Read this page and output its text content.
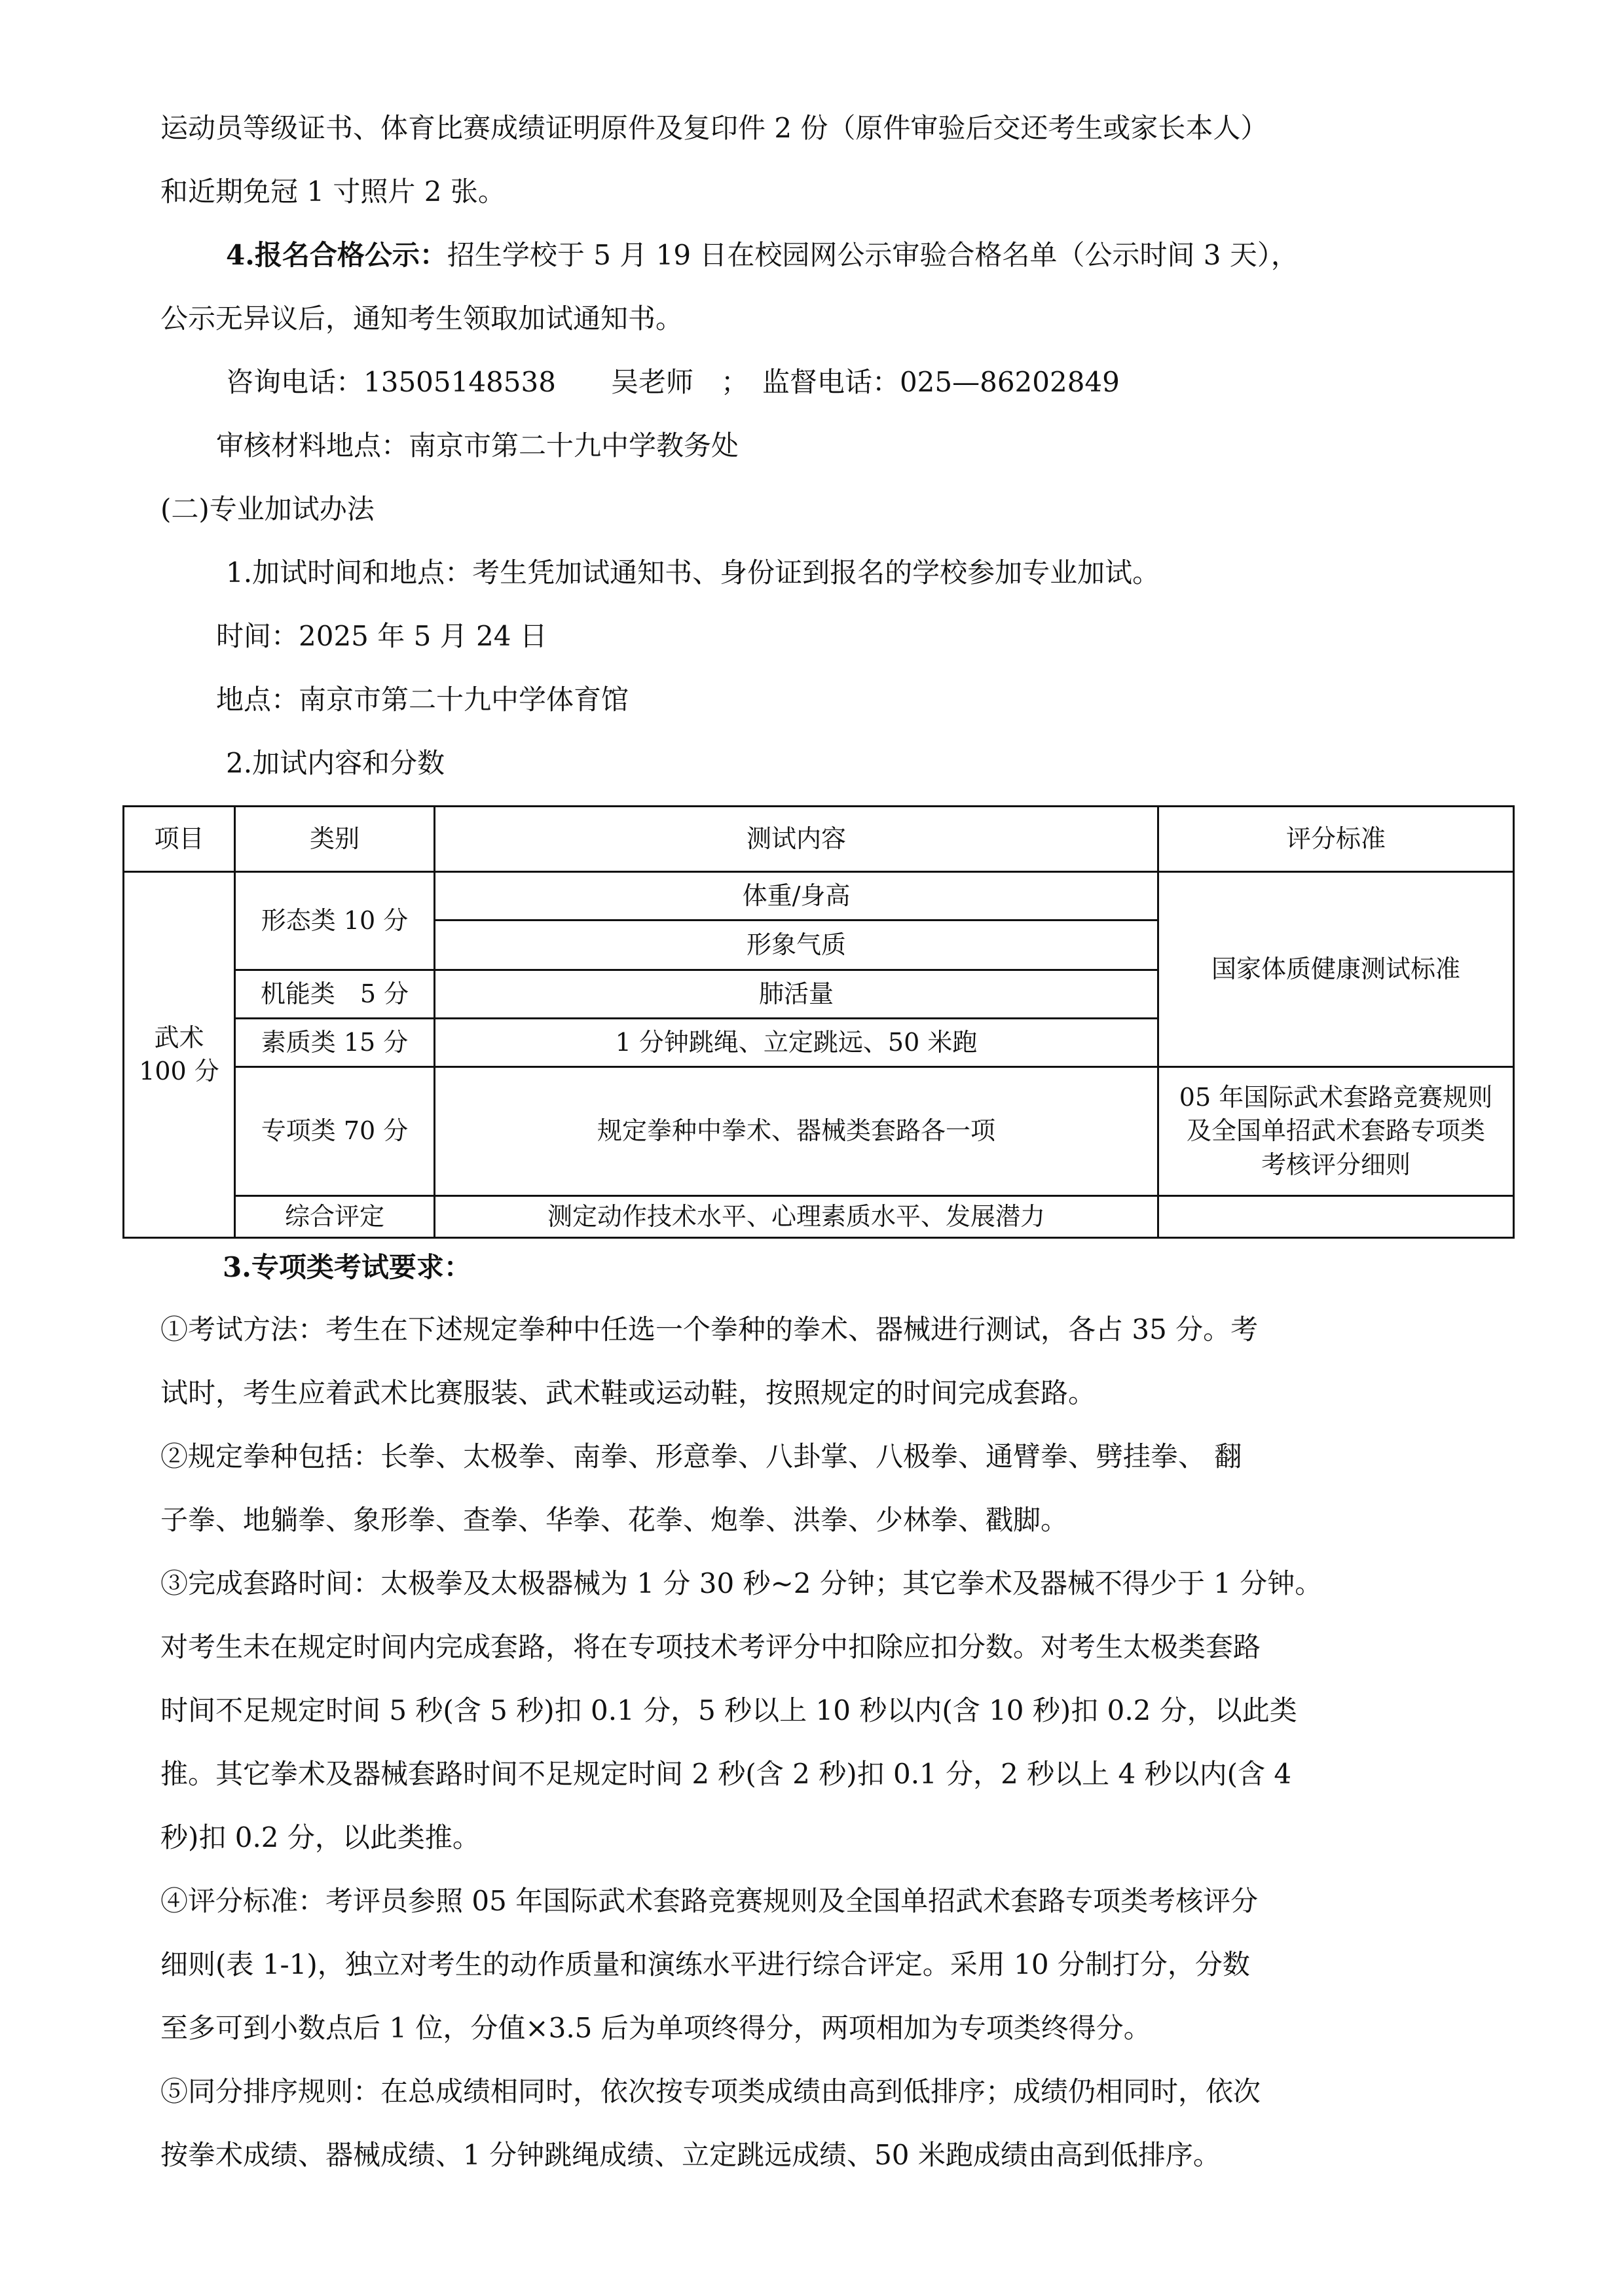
运动员等级证书、体育比赛成绩证明原件及复印件 2 份（原件审验后交还考生或家长本人）
和近期免冠 1 寸照片 2 张。
4.报名合格公示：招生学校于 5 月 19 日在校园网公示审验合格名单（公示时间 3 天），
公示无异议后，通知考生领取加试通知书。
咨询电话：13505148538　　吴老师　；　监督电话：025—86202849
审核材料地点：南京市第二十九中学教务处
(二)专业加试办法
1.加试时间和地点：考生凭加试通知书、身份证到报名的学校参加专业加试。
时间：2025 年 5 月 24 日
地点：南京市第二十九中学体育馆
2.加试内容和分数
项目	类别	测试内容	评分标准

武术
100 分	形态类 10 分	体重/身高	国家体质健康测试标准
		形象气质	
	机能类　5 分	肺活量	
	素质类 15 分	1 分钟跳绳、立定跳远、50 米跑	
	专项类 70 分	规定拳种中拳术、器械类套路各一项	05 年国际武术套路竞赛规则
及全国单招武术套路专项类
考核评分细则

	综合评定	测定动作技术水平、心理素质水平、发展潜力	
3.专项类考试要求：
①考试方法：考生在下述规定拳种中任选一个拳种的拳术、器械进行测试，各占 35 分。考
试时，考生应着武术比赛服装、武术鞋或运动鞋，按照规定的时间完成套路。
②规定拳种包括：长拳、太极拳、南拳、形意拳、八卦掌、八极拳、通臂拳、劈挂拳、 翻
子拳、地躺拳、象形拳、查拳、华拳、花拳、炮拳、洪拳、少林拳、戳脚。
③完成套路时间：太极拳及太极器械为 1 分 30 秒~2 分钟；其它拳术及器械不得少于 1 分钟。
对考生未在规定时间内完成套路，将在专项技术考评分中扣除应扣分数。对考生太极类套路
时间不足规定时间 5 秒(含 5 秒)扣 0.1 分，5 秒以上 10 秒以内(含 10 秒)扣 0.2 分，以此类
推。其它拳术及器械套路时间不足规定时间 2 秒(含 2 秒)扣 0.1 分，2 秒以上 4 秒以内(含 4
秒)扣 0.2 分，以此类推。
④评分标准：考评员参照 05 年国际武术套路竞赛规则及全国单招武术套路专项类考核评分
细则(表 1-1)，独立对考生的动作质量和演练水平进行综合评定。采用 10 分制打分，分数
至多可到小数点后 1 位，分值×3.5 后为单项终得分，两项相加为专项类终得分。
⑤同分排序规则：在总成绩相同时，依次按专项类成绩由高到低排序；成绩仍相同时，依次
按拳术成绩、器械成绩、1 分钟跳绳成绩、立定跳远成绩、50 米跑成绩由高到低排序。
